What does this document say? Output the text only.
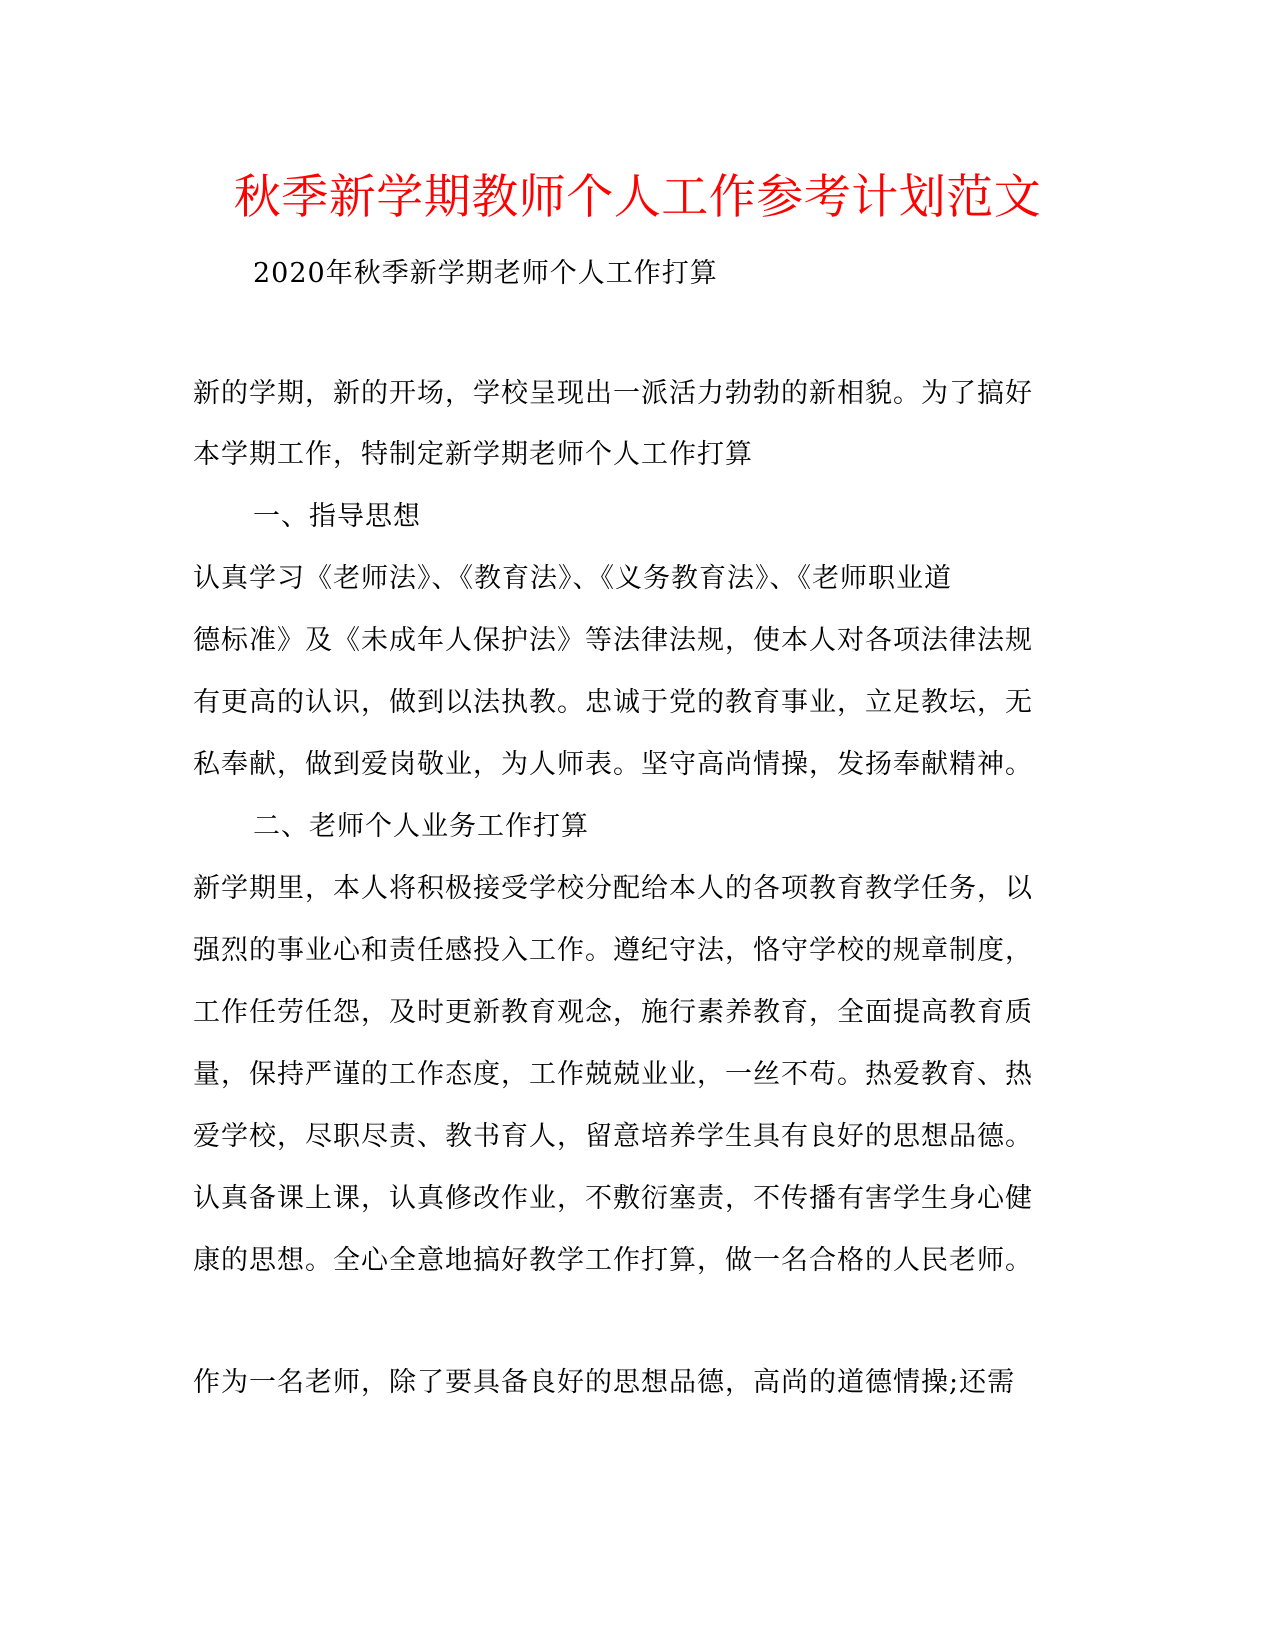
秋季新学期教师个人工作参考计划范文
2020年秋季新学期老师个人工作打算
新的学期，新的开场，学校呈现出一派活力勃勃的新相貌。为了搞好
本学期工作，特制定新学期老师个人工作打算
一、指导思想
认真学习《老师法》、《教育法》、《义务教育法》、《老师职业道
德标准》及《未成年人保护法》等法律法规，使本人对各项法律法规
有更高的认识，做到以法执教。忠诚于党的教育事业，立足教坛，无
私奉献，做到爱岗敬业，为人师表。坚守高尚情操，发扬奉献精神。
二、老师个人业务工作打算
新学期里，本人将积极接受学校分配给本人的各项教育教学任务，以
强烈的事业心和责任感投入工作。遵纪守法，恪守学校的规章制度，
工作任劳任怨，及时更新教育观念，施行素养教育，全面提高教育质
量，保持严谨的工作态度，工作兢兢业业，一丝不苟。热爱教育、热
爱学校，尽职尽责、教书育人，留意培养学生具有良好的思想品德。
认真备课上课，认真修改作业，不敷衍塞责，不传播有害学生身心健
康的思想。全心全意地搞好教学工作打算，做一名合格的人民老师。
作为一名老师，除了要具备良好的思想品德，高尚的道德情操;还需
